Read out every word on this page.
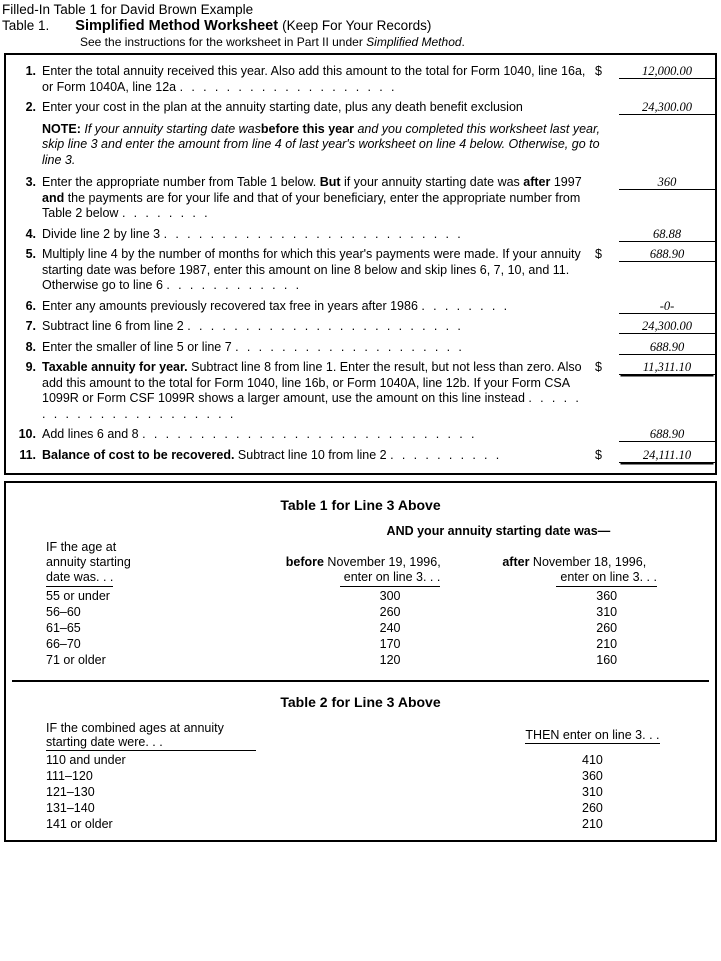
Filled-In Table 1 for David Brown Example
Table 1. Simplified Method Worksheet (Keep For Your Records)
See the instructions for the worksheet in Part II under Simplified Method.
1. Enter the total annuity received this year. Also add this amount to the total for Form 1040, line 16a, or Form 1040A, line 12a . . . . . . . . . . . . . . . . . . .
$	12,000.00
2. Enter your cost in the plan at the annuity starting date, plus any death benefit exclusion	24,300.00
NOTE: If your annuity starting date wasbefore this year and you completed this worksheet last year, skip line 3 and enter the amount from line 4 of last year's worksheet on line 4 below. Otherwise, go to line 3.
3. Enter the appropriate number from Table 1 below. But if your annuity starting date was after 1997 and the payments are for your life and that of your beneficiary, enter the appropriate number from Table 2 below . . . . . . . .
360
4. Divide line 2 by line 3 . . . . . . . . . . . . . . . . . . . . . . . . . .	68.88
5. Multiply line 4 by the number of months for which this year's payments were made. If your annuity starting date was before 1987, enter this amount on line 8 below and skip lines 6, 7, 10, and 11. Otherwise go to line 6 . . . . . . . . . . . .
$	688.90
6. Enter any amounts previously recovered tax free in years after 1986 . . . . . . . .	-0-
7. Subtract line 6 from line 2 . . . . . . . . . . . . . . . . . . . . . . . .	24,300.00
8. Enter the smaller of line 5 or line 7 . . . . . . . . . . . . . . . . . . . .	688.90
9. Taxable annuity for year. Subtract line 8 from line 1. Enter the result, but not less than zero. Also add this amount to the total for Form 1040, line 16b, or Form 1040A, line 12b. If your Form CSA 1099R or Form CSF 1099R shows a larger amount, use the amount on this line instead . . . . . . . . . . . . . . . . . . . . . .
$	11,311.10
10. Add lines 6 and 8 . . . . . . . . . . . . . . . . . . . . . . . . . . . . .	688.90
11. Balance of cost to be recovered. Subtract line 10 from line 2 . . . . . . . . . .	$	24,111.10
Table 1 for Line 3 Above
	AND your annuity starting date was—	

IF the age at
annuity starting
date was. . .	
before November 19, 1996,
enter on line 3. . .	
after November 18, 1996,
enter on line 3. . .
55 or under	300	360
56–60	260	310
61–65	240	260
66–70	170	210
71 or older	120	160
Table 2 for Line 3 Above
IF the combined ages at annuity
starting date were. . .	THEN enter on line 3. . .
110 and under	410
111–120	360
121–130	310
131–140	260
141 or older	210
